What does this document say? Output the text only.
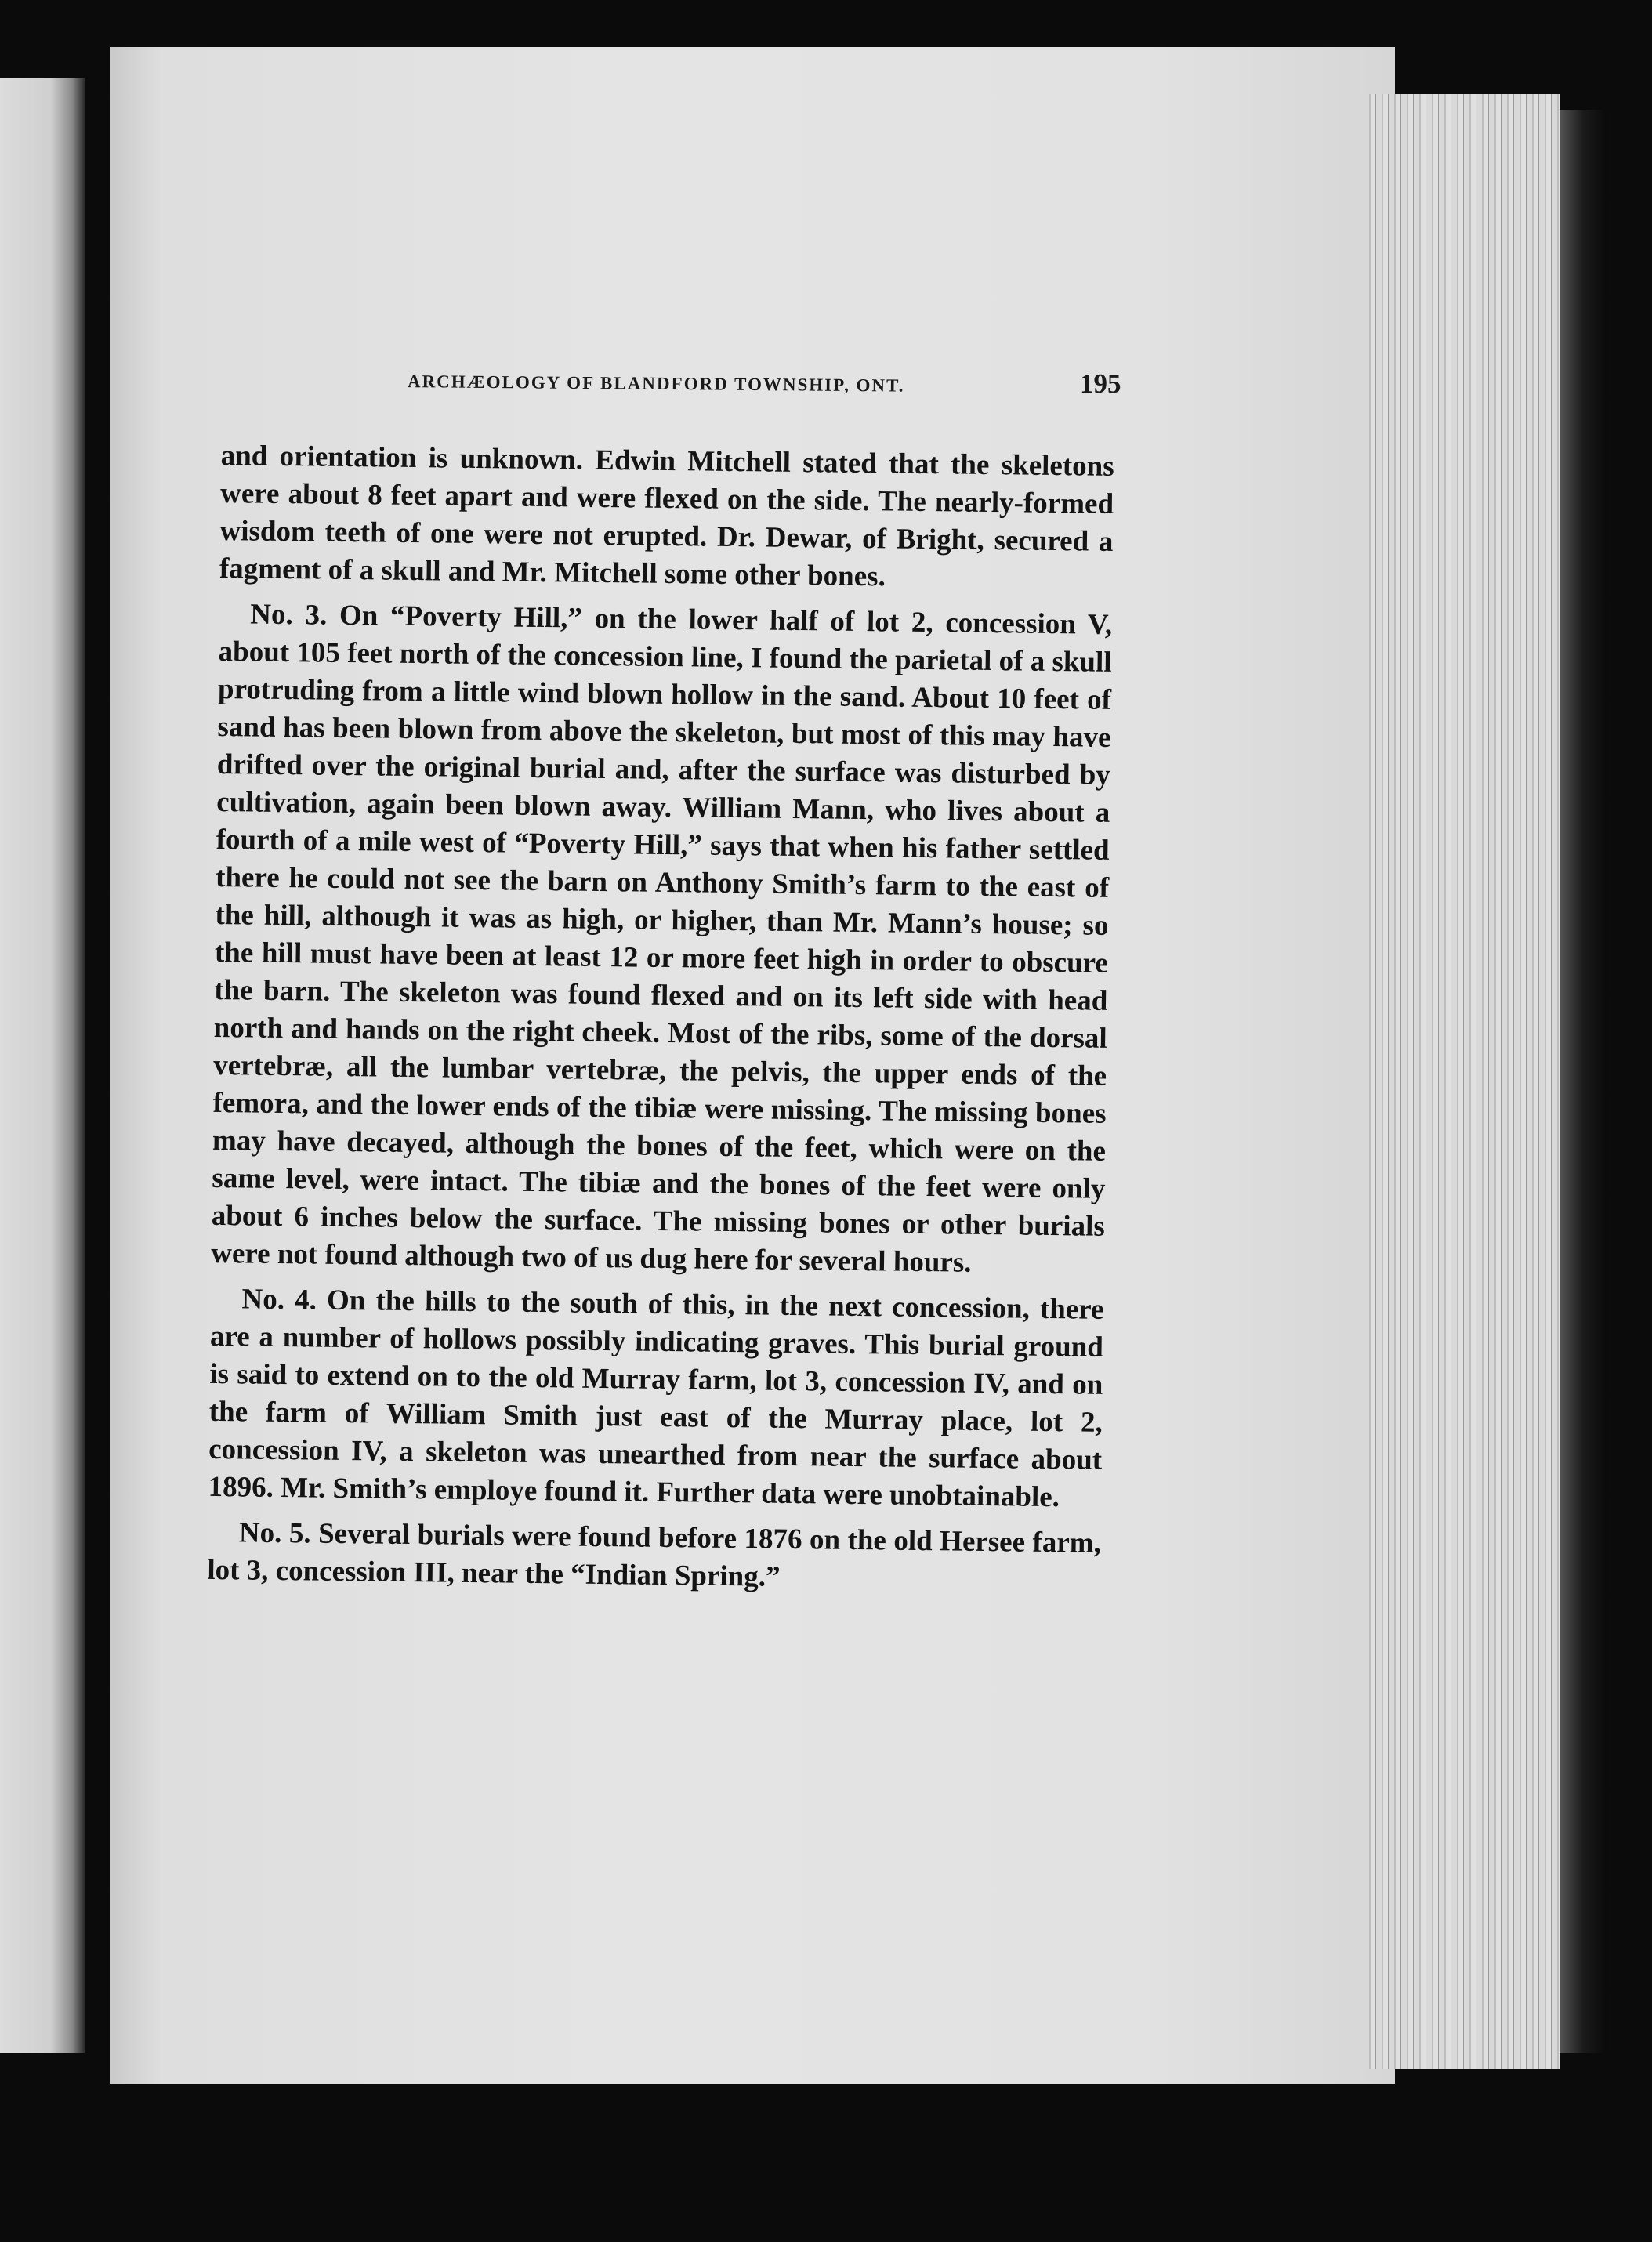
ARCHÆOLOGY OF BLANDFORD TOWNSHIP, ONT.	195

and orientation is unknown. Edwin Mitchell stated that the skeletons were about 8 feet apart and were flexed on the side. The nearly-formed wisdom teeth of one were not erupted. Dr. Dewar, of Bright, secured a fagment of a skull and Mr. Mitchell some other bones.

No. 3. On “Poverty Hill,” on the lower half of lot 2, concession V, about 105 feet north of the concession line, I found the parietal of a skull protruding from a little wind blown hollow in the sand. About 10 feet of sand has been blown from above the skeleton, but most of this may have drifted over the original burial and, after the surface was disturbed by cultivation, again been blown away. William Mann, who lives about a fourth of a mile west of “Poverty Hill,” says that when his father settled there he could not see the barn on Anthony Smith’s farm to the east of the hill, although it was as high, or higher, than Mr. Mann’s house; so the hill must have been at least 12 or more feet high in order to obscure the barn. The skeleton was found flexed and on its left side with head north and hands on the right cheek. Most of the ribs, some of the dorsal vertebræ, all the lumbar vertebræ, the pelvis, the upper ends of the femora, and the lower ends of the tibiæ were missing. The missing bones may have decayed, although the bones of the feet, which were on the same level, were intact. The tibiæ and the bones of the feet were only about 6 inches below the surface. The missing bones or other burials were not found although two of us dug here for several hours.

No. 4. On the hills to the south of this, in the next concession, there are a number of hollows possibly indicating graves. This burial ground is said to extend on to the old Murray farm, lot 3, concession IV, and on the farm of William Smith just east of the Murray place, lot 2, concession IV, a skeleton was unearthed from near the surface about 1896. Mr. Smith’s employe found it. Further data were unobtainable.

No. 5. Several burials were found before 1876 on the old Hersee farm, lot 3, concession III, near the “Indian Spring.”
